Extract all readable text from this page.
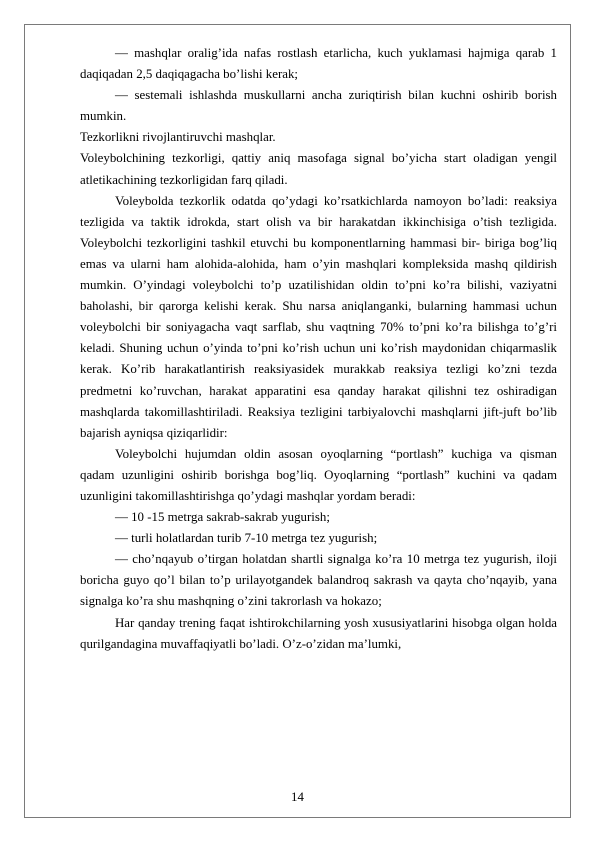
— mashqlar oralig’ida nafas rostlash etarlicha, kuch yuklamasi hajmiga qarab 1 daqiqadan 2,5 daqiqagacha bo’lishi kerak;

— sestemali ishlashda muskullarni ancha zuriqtirish bilan kuchni oshirib borish mumkin.

Tezkorlikni rivojlantiruvchi mashqlar.

Voleybolchining tezkorligi, qattiy aniq masofaga signal bo’yicha start oladigan yengil atletikachining tezkorligidan farq qiladi.

Voleybolda tezkorlik odatda qo’ydagi ko’rsatkichlarda namoyon bo’ladi: reaksiya tezligida va taktik idrokda, start olish va bir harakatdan ikkinchisiga o’tish tezligida. Voleybolchi tezkorligini tashkil etuvchi bu komponentlarning hammasi bir- biriga bog’liq emas va ularni ham alohida-alohida, ham o’yin mashqlari kompleksida mashq qildirish mumkin. O’yindagi voleybolchi to’p uzatilishidan oldin to’pni ko’ra bilishi, vaziyatni baholashi, bir qarorga kelishi kerak. Shu narsa aniqlanganki, bularning hammasi uchun voleybolchi bir soniyagacha vaqt sarflab, shu vaqtning 70% to’pni ko’ra bilishga to’g’ri keladi. Shuning uchun o’yinda to’pni ko’rish uchun uni ko’rish maydonidan chiqarmaslik kerak. Ko’rib harakatlantirish reaksiyasidek murakkab reaksiya tezligi ko’zni tezda predmetni ko’ruvchan, harakat apparatini esa qanday harakat qilishni tez oshiradigan mashqlarda takomillashtiriladi. Reaksiya tezligini tarbiyalovchi mashqlarni jift-juft bo’lib bajarish ayniqsa qiziqarlidir:

Voleybolchi hujumdan oldin asosan oyoqlarning “portlash” kuchiga va qisman qadam uzunligini oshirib borishga bog’liq. Oyoqlarning “portlash” kuchini va qadam uzunligini takomillashtirishga qo’ydagi mashqlar yordam beradi:

— 10 -15 metrga sakrab-sakrab yugurish;

— turli holatlardan turib 7-10 metrga tez yugurish;

— cho’nqayub o’tirgan holatdan shartli signalga ko’ra 10 metrga tez yugurish, iloji boricha guyo qo’l bilan to’p urilayotgandek balandroq sakrash va qayta cho’nqayib, yana signalga ko’ra shu mashqning o’zini takrorlash va hokazo;

Har qanday trening faqat ishtirokchilarning yosh xususiyatlarini hisobga olgan holda qurilgandagina muvaffaqiyatli bo’ladi. O’z-o’zidan ma’lumki,

14
